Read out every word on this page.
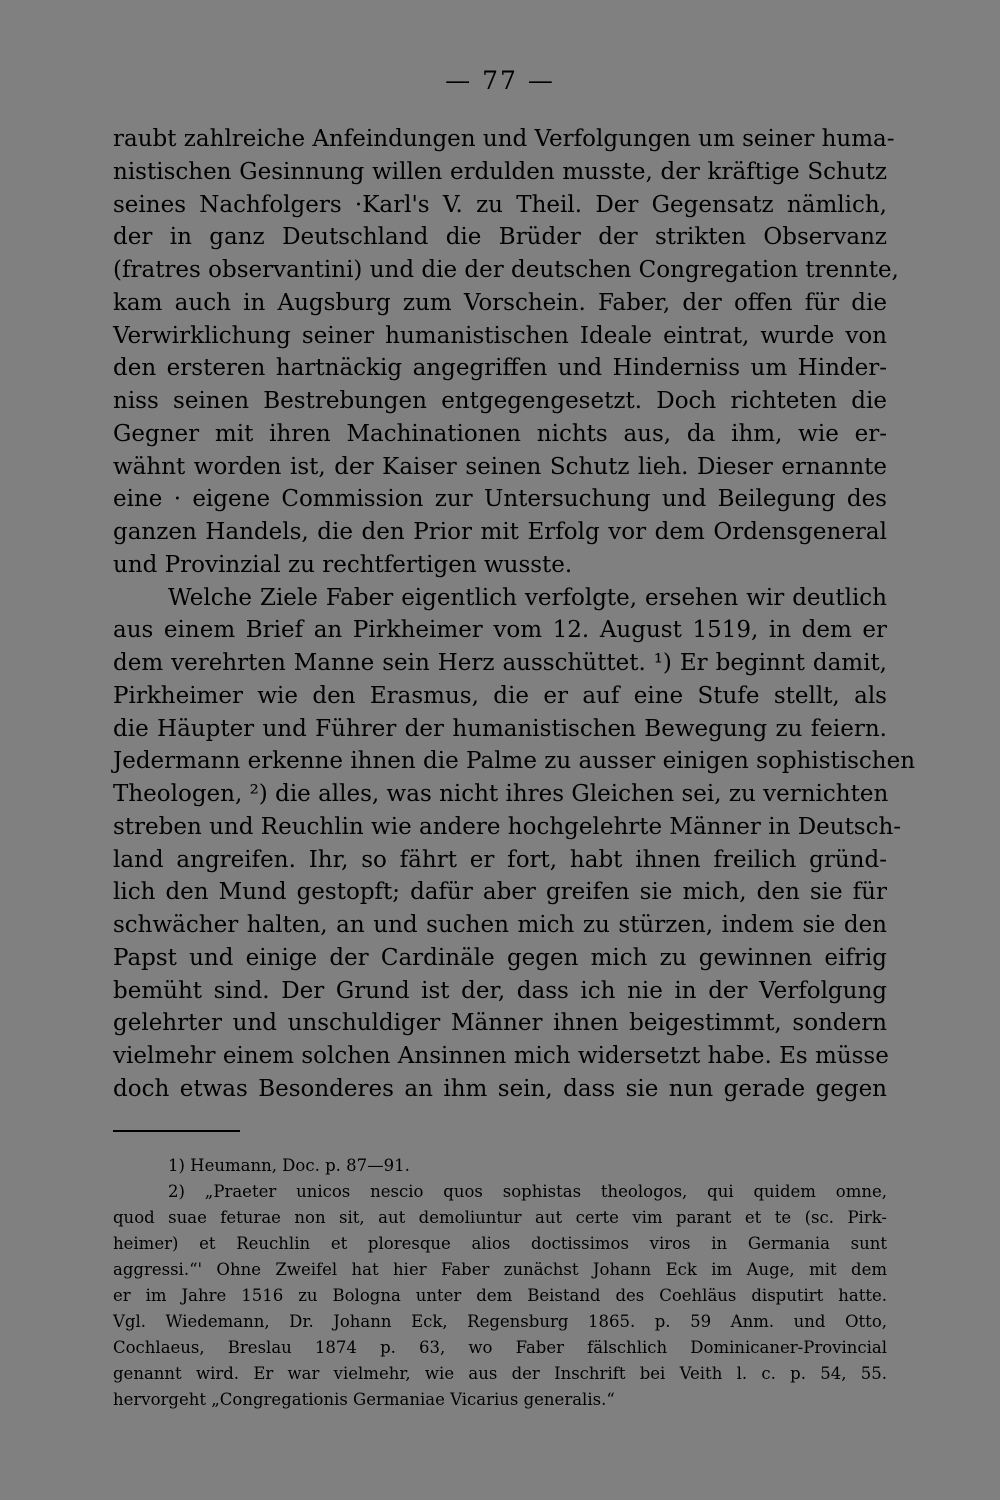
— 77 —
raubt zahlreiche Anfeindungen und Verfolgungen um seiner huma-
nistischen Gesinnung willen erdulden musste, der kräftige Schutz
seines Nachfolgers ·Karl's V. zu Theil. Der Gegensatz nämlich,
der in ganz Deutschland die Brüder der strikten Observanz
(fratres observantini) und die der deutschen Congregation trennte,
kam auch in Augsburg zum Vorschein. Faber, der offen für die
Verwirklichung seiner humanistischen Ideale eintrat, wurde von
den ersteren hartnäckig angegriffen und Hinderniss um Hinder-
niss seinen Bestrebungen entgegengesetzt. Doch richteten die
Gegner mit ihren Machinationen nichts aus, da ihm, wie er-
wähnt worden ist, der Kaiser seinen Schutz lieh. Dieser ernannte
eine · eigene Commission zur Untersuchung und Beilegung des
ganzen Handels, die den Prior mit Erfolg vor dem Ordensgeneral
und Provinzial zu rechtfertigen wusste.
Welche Ziele Faber eigentlich verfolgte, ersehen wir deutlich
aus einem Brief an Pirkheimer vom 12. August 1519, in dem er
dem verehrten Manne sein Herz ausschüttet. ¹) Er beginnt damit,
Pirkheimer wie den Erasmus, die er auf eine Stufe stellt, als
die Häupter und Führer der humanistischen Bewegung zu feiern.
Jedermann erkenne ihnen die Palme zu ausser einigen sophistischen
Theologen, ²) die alles, was nicht ihres Gleichen sei, zu vernichten
streben und Reuchlin wie andere hochgelehrte Männer in Deutsch-
land angreifen. Ihr, so fährt er fort, habt ihnen freilich gründ-
lich den Mund gestopft; dafür aber greifen sie mich, den sie für
schwächer halten, an und suchen mich zu stürzen, indem sie den
Papst und einige der Cardinäle gegen mich zu gewinnen eifrig
bemüht sind. Der Grund ist der, dass ich nie in der Verfolgung
gelehrter und unschuldiger Männer ihnen beigestimmt, sondern
vielmehr einem solchen Ansinnen mich widersetzt habe. Es müsse
doch etwas Besonderes an ihm sein, dass sie nun gerade gegen
1) Heumann, Doc. p. 87—91.
2) „Praeter unicos nescio quos sophistas theologos, qui quidem omne,
quod suae feturae non sit, aut demoliuntur aut certe vim parant et te (sc. Pirk-
heimer) et Reuchlin et ploresque alios doctissimos viros in Germania sunt
aggressi.“' Ohne Zweifel hat hier Faber zunächst Johann Eck im Auge, mit dem
er im Jahre 1516 zu Bologna unter dem Beistand des Coehläus disputirt hatte.
Vgl. Wiedemann, Dr. Johann Eck, Regensburg 1865. p. 59 Anm. und Otto,
Cochlaeus, Breslau 1874 p. 63, wo Faber fälschlich Dominicaner-Provincial
genannt wird. Er war vielmehr, wie aus der Inschrift bei Veith l. c. p. 54, 55.
hervorgeht „Congregationis Germaniae Vicarius generalis.“
